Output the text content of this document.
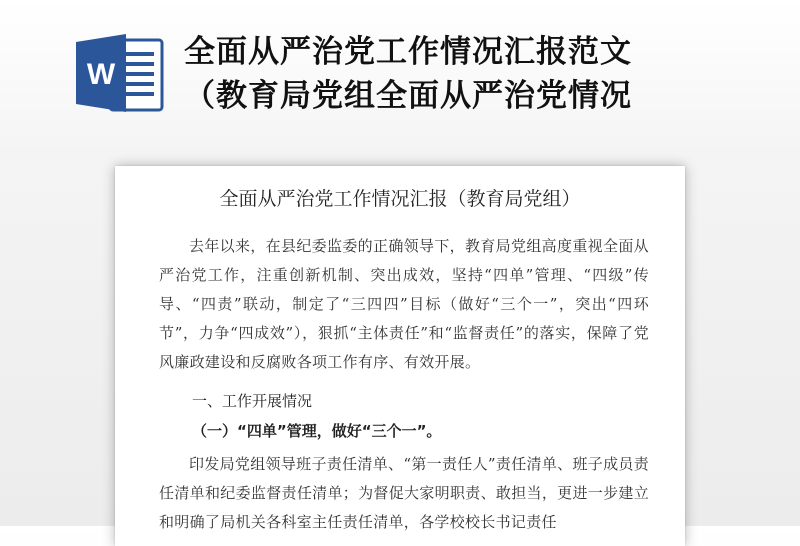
W
全面从严治党工作情况汇报范文
（教育局党组全面从严治党情况
全面从严治党工作情况汇报（教育局党组）

去年以来，在县纪委监委的正确领导下，教育局党组高度重视全面从严治党工作，注重创新机制、突出成效，坚持“四单”管理、“四级”传导、“四责”联动，制定了“三四四”目标（做好“三个一”，突出“四环节”，力争“四成效”），狠抓“主体责任”和“监督责任”的落实，保障了党风廉政建设和反腐败各项工作有序、有效开展。

一、工作开展情况
（一）“四单”管理，做好“三个一”。

印发局党组领导班子责任清单、“第一责任人”责任清单、班子成员责任清单和纪委监督责任清单；为督促大家明职责、敢担当，更进一步建立和明确了局机关各科室主任责任清单，各学校校长书记责任
